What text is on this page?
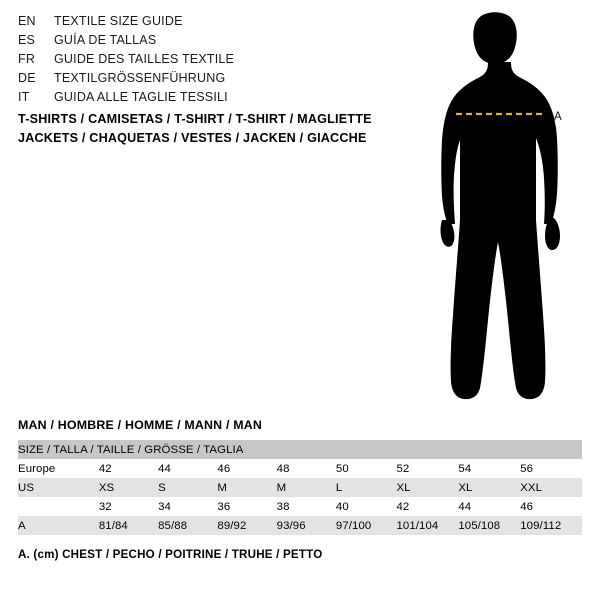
EN	TEXTILE SIZE GUIDE
ES	GUÍA DE TALLAS
FR	GUIDE DES TAILLES TEXTILE
DE	TEXTILGRÖSSENFÜHRUNG
IT	GUIDA ALLE TAGLIE TESSILI
T-SHIRTS / CAMISETAS / T-SHIRT / T-SHIRT / MAGLIETTE
JACKETS / CHAQUETAS / VESTES / JACKEN / GIACCHE
A
··
MAN / HOMBRE / HOMME / MANN / MAN
SIZE / TALLA / TAILLE / GRÖSSE / TAGLIA								
Europe	42	44	46	48	50	52	54	56
US	XS	S	M	M	L	XL	XL	XXL
	32	34	36	38	40	42	44	46
A	81/84	85/88	89/92	93/96	97/100	101/104	105/108	109/112
A. (cm) CHEST / PECHO / POITRINE / TRUHE / PETTO
